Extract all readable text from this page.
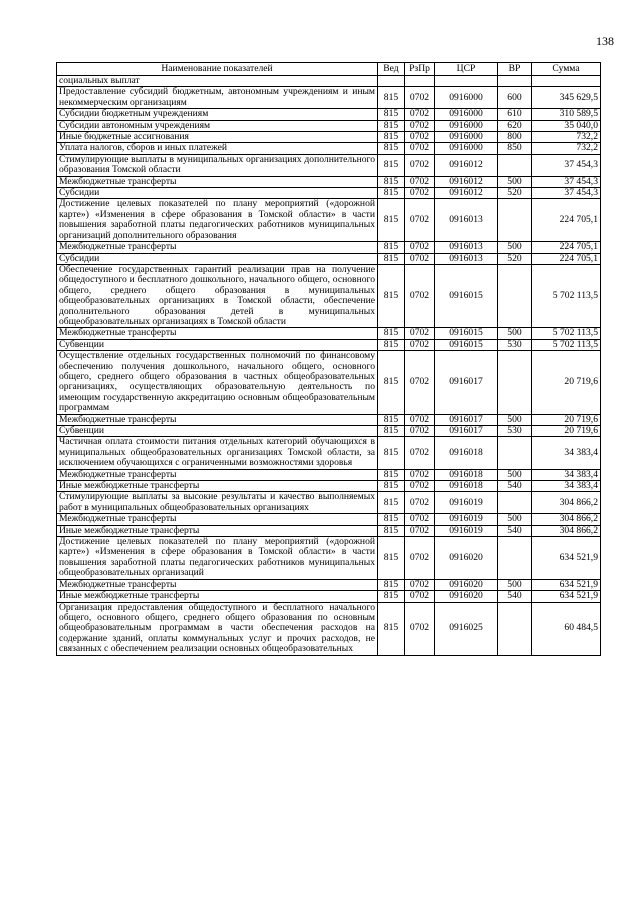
138
Наименование показателей	Вед	РзПр	ЦСР	ВР	Сумма
социальных выплат					
Предоставление субсидий бюджетным, автономным учреждениям и иным некоммерческим организациям	815	0702	0916000	600	345 629,5
Субсидии бюджетным учреждениям	815	0702	0916000	610	310 589,5
Субсидии автономным учреждениям	815	0702	0916000	620	35 040,0
Иные бюджетные ассигнования	815	0702	0916000	800	732,2
Уплата налогов, сборов и иных платежей	815	0702	0916000	850	732,2
Стимулирующие выплаты в муниципальных организациях дополнительного образования Томской области	815	0702	0916012		37 454,3
Межбюджетные трансферты	815	0702	0916012	500	37 454,3
Субсидии	815	0702	0916012	520	37 454,3
Достижение целевых показателей по плану мероприятий («дорожной карте») «Изменения в сфере образования в Томской области» в части повышения заработной платы педагогических работников муниципальных организаций дополнительного образования	815	0702	0916013		224 705,1
Межбюджетные трансферты	815	0702	0916013	500	224 705,1
Субсидии	815	0702	0916013	520	224 705,1
Обеспечение государственных гарантий реализации прав на получение общедоступного и бесплатного дошкольного, начального общего, основного общего, среднего общего образования в муниципальных общеобразовательных организациях в Томской области, обеспечение дополнительного образования детей в муниципальных общеобразовательных организациях в Томской области	815	0702	0916015		5 702 113,5
Межбюджетные трансферты	815	0702	0916015	500	5 702 113,5
Субвенции	815	0702	0916015	530	5 702 113,5
Осуществление отдельных государственных полномочий по финансовому обеспечению получения дошкольного, начального общего, основного общего, среднего общего образования в частных общеобразовательных организациях, осуществляющих образовательную деятельность по имеющим государственную аккредитацию основным общеобразовательным программам	815	0702	0916017		20 719,6
Межбюджетные трансферты	815	0702	0916017	500	20 719,6
Субвенции	815	0702	0916017	530	20 719,6
Частичная оплата стоимости питания отдельных категорий обучающихся в муниципальных общеобразовательных организациях Томской области, за исключением обучающихся с ограниченными возможностями здоровья	815	0702	0916018		34 383,4
Межбюджетные трансферты	815	0702	0916018	500	34 383,4
Иные межбюджетные трансферты	815	0702	0916018	540	34 383,4
Стимулирующие выплаты за высокие результаты и качество выполняемых работ в муниципальных общеобразовательных организациях	815	0702	0916019		304 866,2
Межбюджетные трансферты	815	0702	0916019	500	304 866,2
Иные межбюджетные трансферты	815	0702	0916019	540	304 866,2
Достижение целевых показателей по плану мероприятий («дорожной карте») «Изменения в сфере образования в Томской области» в части повышения заработной платы педагогических работников муниципальных общеобразовательных организаций	815	0702	0916020		634 521,9
Межбюджетные трансферты	815	0702	0916020	500	634 521,9
Иные межбюджетные трансферты	815	0702	0916020	540	634 521,9
Организация предоставления общедоступного и бесплатного начального общего, основного общего, среднего общего образования по основным общеобразовательным программам в части обеспечения расходов на содержание зданий, оплаты коммунальных услуг и прочих расходов, не связанных с обеспечением реализации основных общеобразовательных	815	0702	0916025		60 484,5
